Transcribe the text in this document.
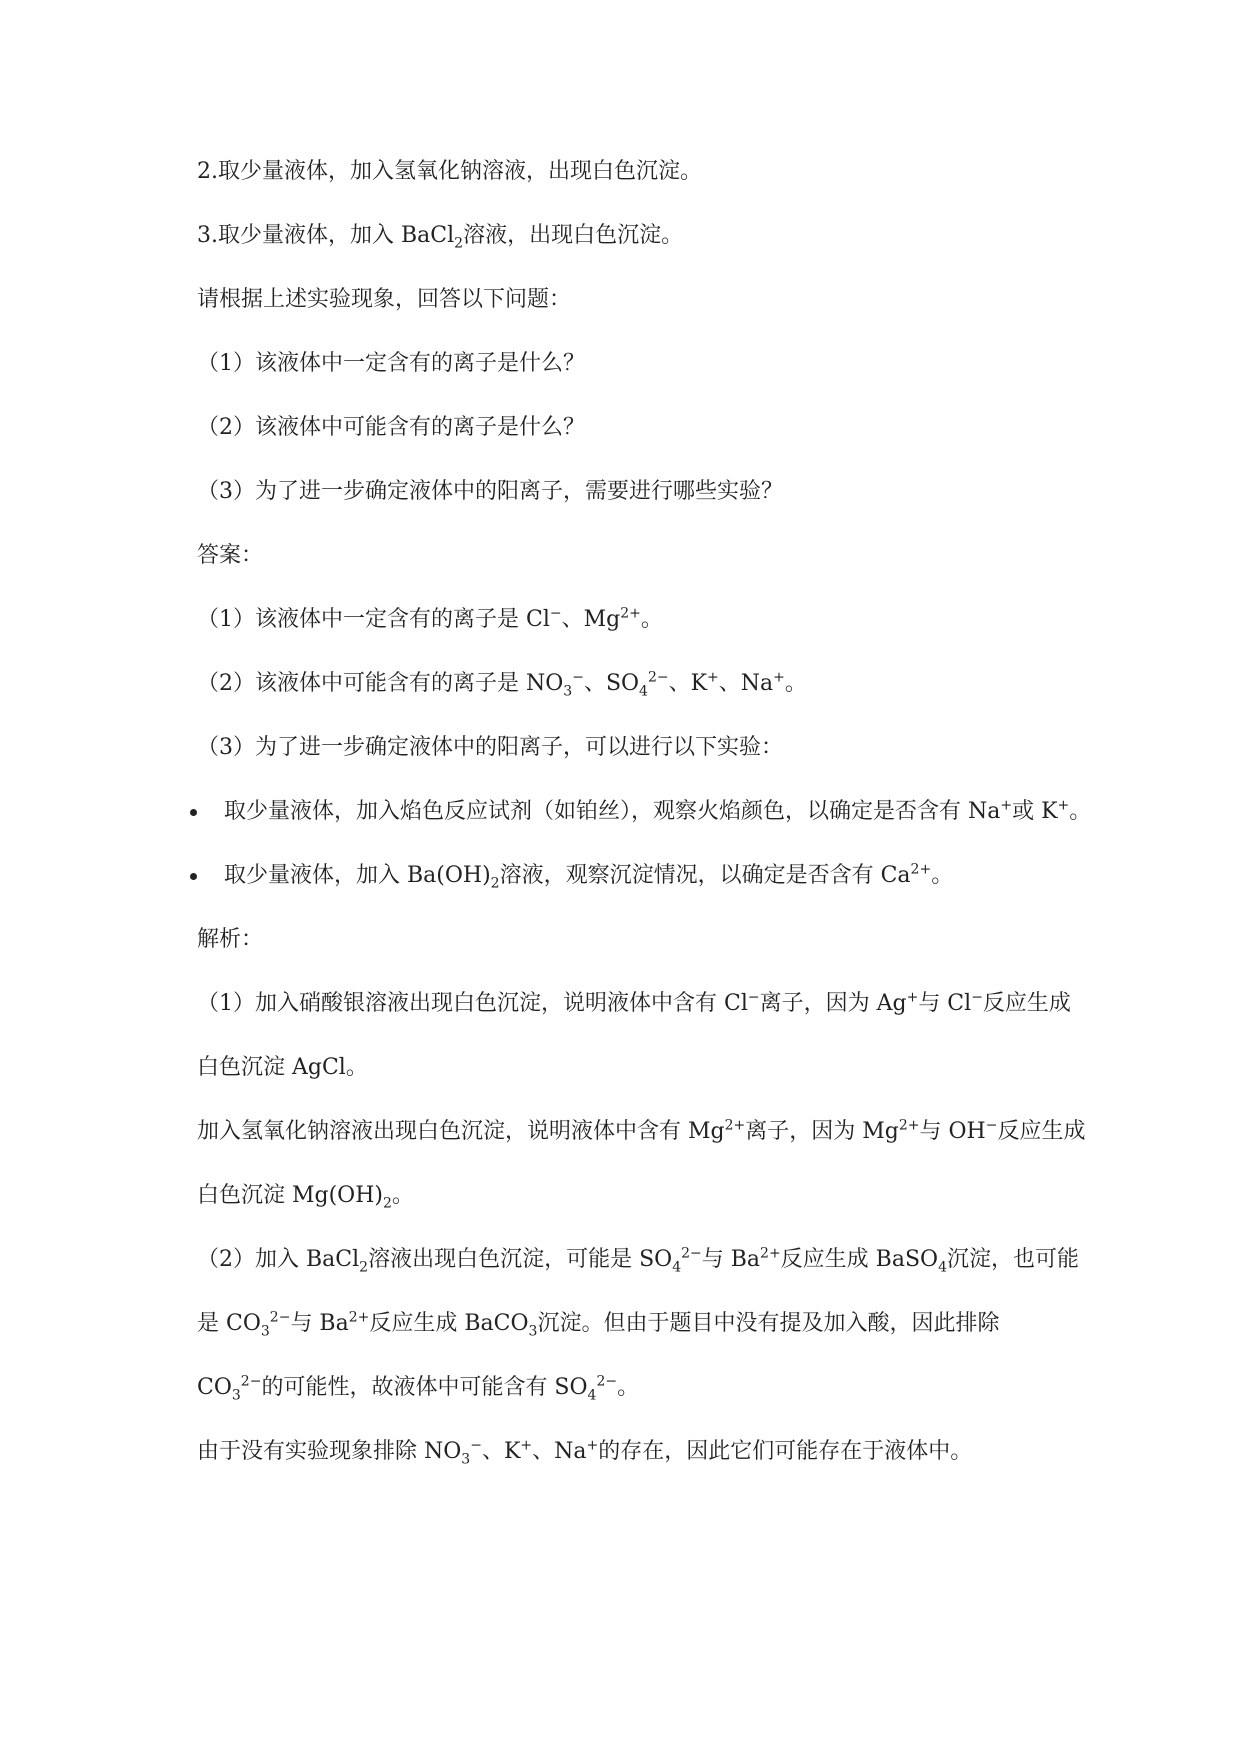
2.取少量液体，加入氢氧化钠溶液，出现白色沉淀。

3.取少量液体，加入 BaCl$_2$溶液，出现白色沉淀。

请根据上述实验现象，回答以下问题：

（1）该液体中一定含有的离子是什么？

（2）该液体中可能含有的离子是什么？

（3）为了进一步确定液体中的阳离子，需要进行哪些实验？

答案：

（1）该液体中一定含有的离子是 Cl−、$Mg^{2+}$。

（2）该液体中可能含有的离子是 $NO_3^-$、$SO_4^{2-}$、K+、Na+。

（3）为了进一步确定液体中的阳离子，可以进行以下实验：

取少量液体，加入焰色反应试剂（如铂丝），观察火焰颜色，以确定是否含有 Na+或 K+。
取少量液体，加入 $Ba(OH)_2$溶液，观察沉淀情况，以确定是否含有 $Ca^{2+}$。

解析：

（1）加入硝酸银溶液出现白色沉淀，说明液体中含有 Cl−离子，因为 Ag+与 Cl−反应生成白色沉淀 AgCl。

加入氢氧化钠溶液出现白色沉淀，说明液体中含有 $Mg^{2+}$离子，因为 $Mg^{2+}$与 OH−反应生成白色沉淀 $Mg(OH)_2$。

（2）加入 BaCl$_2$溶液出现白色沉淀，可能是 $SO_4^{2-}$与 $Ba^{2+}$反应生成 BaSO$_4$沉淀，也可能是 $CO_3^{2-}$与 $Ba^{2+}$反应生成 BaCO$_3$沉淀。但由于题目中没有提及加入酸，因此排除 $CO_3^{2-}$的可能性，故液体中可能含有 $SO_4^{2-}$。

由于没有实验现象排除 $NO_3^-$、K+、Na+的存在，因此它们可能存在于液体中。
